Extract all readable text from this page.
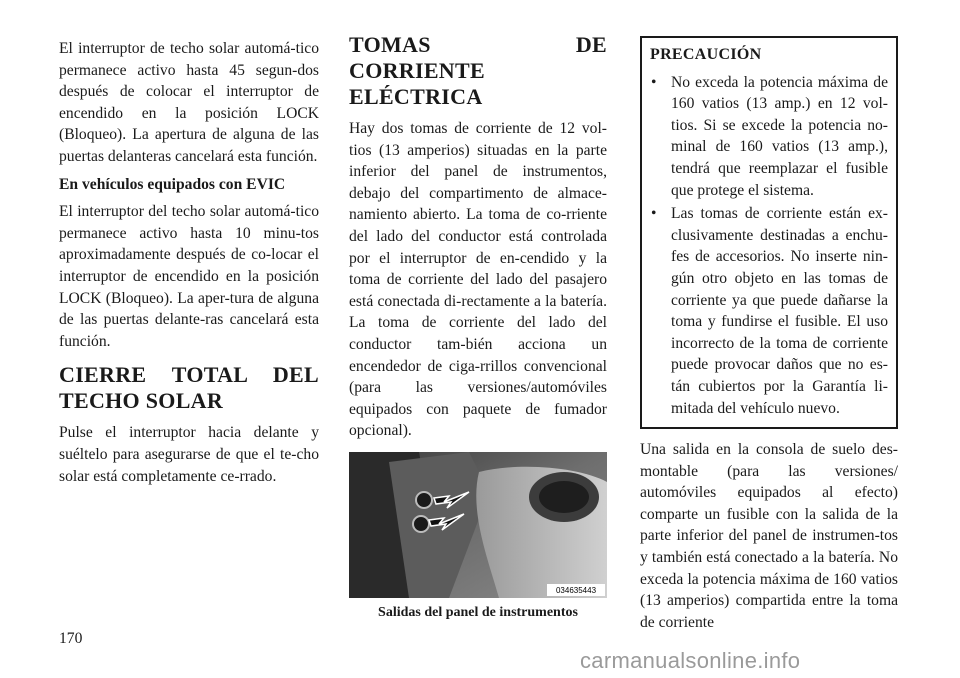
El interruptor de techo solar automá-tico permanece activo hasta 45 segun-dos después de colocar el interruptor de encendido en la posición LOCK (Bloqueo). La apertura de alguna de las puertas delanteras cancelará esta función.

En vehículos equipados con EVIC

El interruptor del techo solar automá-tico permanece activo hasta 10 minu-tos aproximadamente después de co-locar el interruptor de encendido en la posición LOCK (Bloqueo). La aper-tura de alguna de las puertas delante-ras cancelará esta función.

CIERRE TOTAL DEL TECHO SOLAR

Pulse el interruptor hacia delante y suéltelo para asegurarse de que el te-cho solar está completamente ce-rrado.

TOMAS DE CORRIENTE ELÉCTRICA

Hay dos tomas de corriente de 12 vol-tios (13 amperios) situadas en la parte inferior del panel de instrumentos, debajo del compartimento de almace-namiento abierto. La toma de co-rriente del lado del conductor está controlada por el interruptor de en-cendido y la toma de corriente del lado del pasajero está conectada di-rectamente a la batería. La toma de corriente del lado del conductor tam-bién acciona un encendedor de ciga-rrillos convencional (para las versiones/automóviles equipados con paquete de fumador opcional).

034635443
Salidas del panel de instrumentos
PRECAUCIÓN
• No exceda la potencia máxima de 160 vatios (13 amp.) en 12 vol-tios. Si se excede la potencia no-minal de 160 vatios (13 amp.), tendrá que reemplazar el fusible que protege el sistema.
• Las tomas de corriente están ex-clusivamente destinadas a enchu-fes de accesorios. No inserte nin-gún otro objeto en las tomas de corriente ya que puede dañarse la toma y fundirse el fusible. El uso incorrecto de la toma de corriente puede provocar daños que no es-tán cubiertos por la Garantía li-mitada del vehículo nuevo.

Una salida en la consola de suelo des-montable (para las versiones/ automóviles equipados al efecto) comparte un fusible con la salida de la parte inferior del panel de instrumen-tos y también está conectado a la batería. No exceda la potencia máxima de 160 vatios (13 amperios) compartida entre la toma de corriente

170
carmanualsonline.info
